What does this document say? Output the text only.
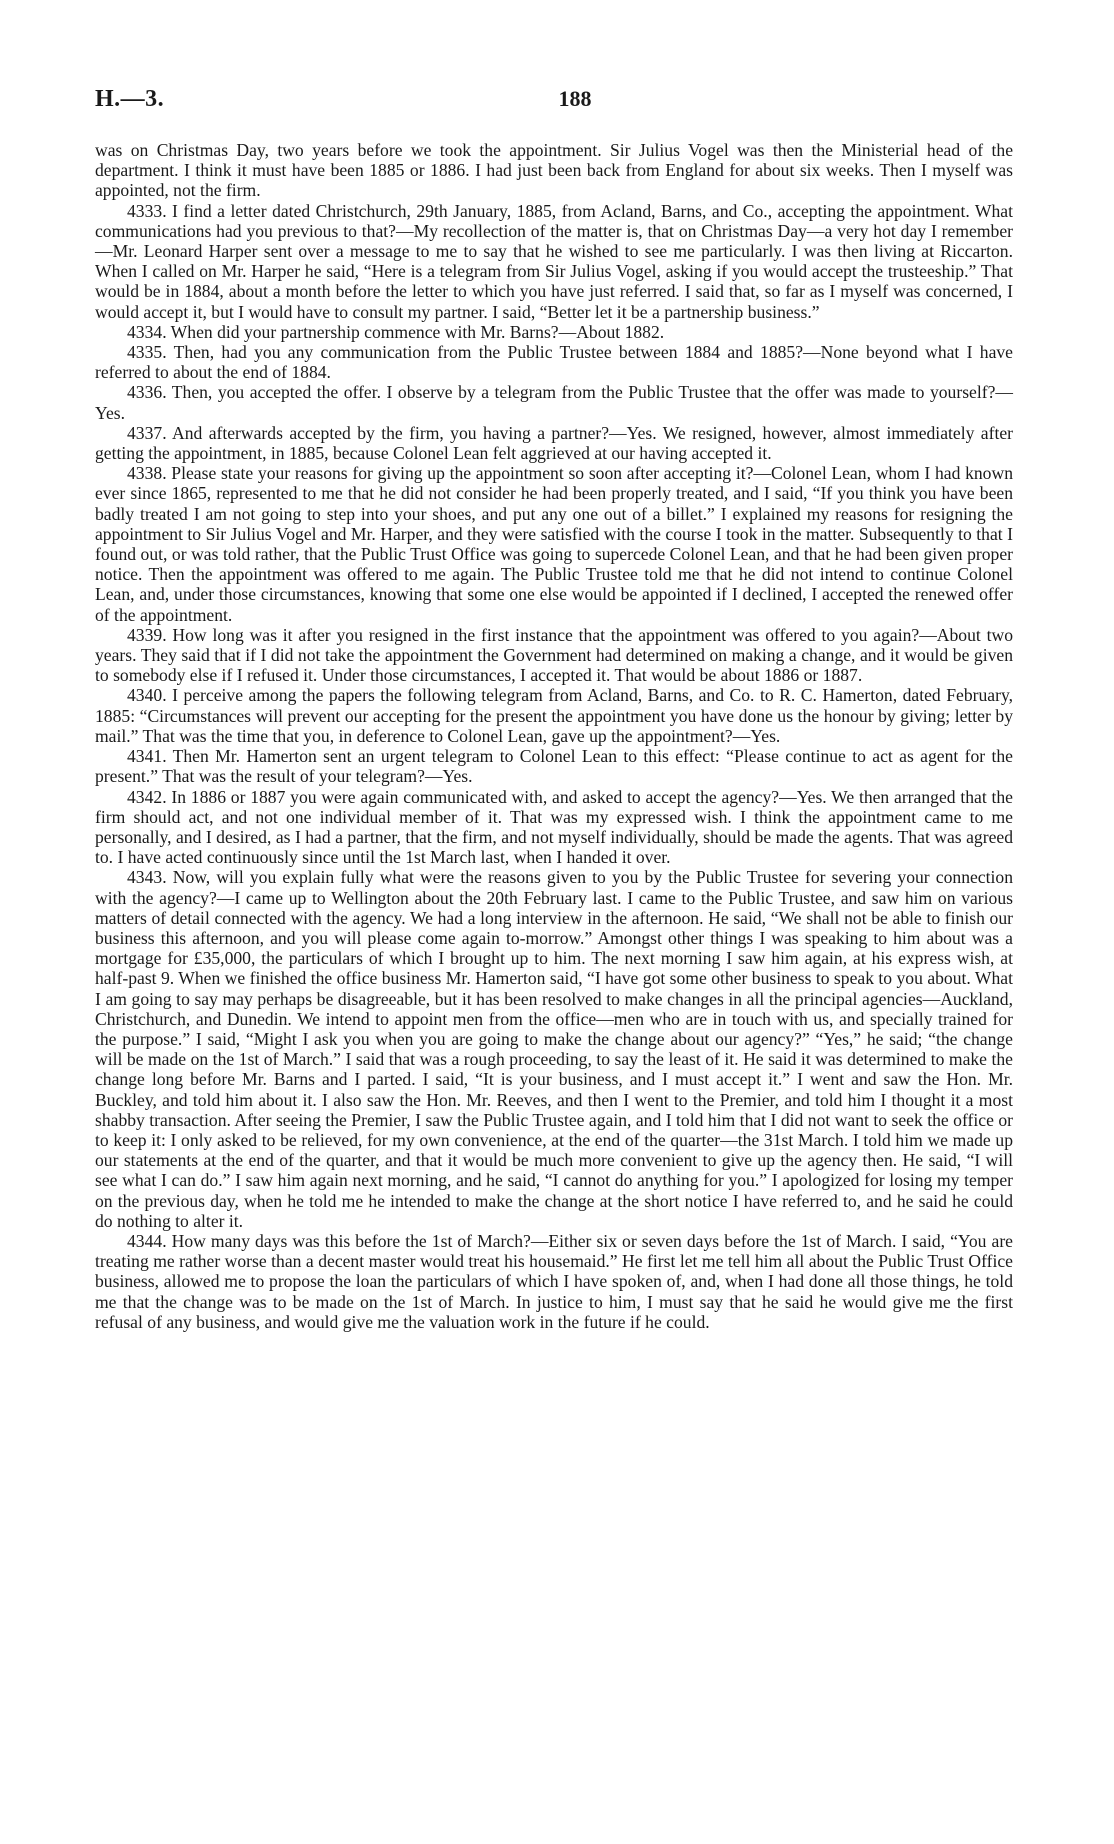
H.—3.	188

was on Christmas Day, two years before we took the appointment. Sir Julius Vogel was then the Ministerial head of the department. I think it must have been 1885 or 1886. I had just been back from England for about six weeks. Then I myself was appointed, not the firm.

4333. I find a letter dated Christchurch, 29th January, 1885, from Acland, Barns, and Co., accepting the appointment. What communications had you previous to that?—My recollection of the matter is, that on Christmas Day—a very hot day I remember—Mr. Leonard Harper sent over a message to me to say that he wished to see me particularly. I was then living at Riccarton. When I called on Mr. Harper he said, “Here is a telegram from Sir Julius Vogel, asking if you would accept the trusteeship.” That would be in 1884, about a month before the letter to which you have just referred. I said that, so far as I myself was concerned, I would accept it, but I would have to consult my partner. I said, “Better let it be a partnership business.”

4334. When did your partnership commence with Mr. Barns?—About 1882.

4335. Then, had you any communication from the Public Trustee between 1884 and 1885?—None beyond what I have referred to about the end of 1884.

4336. Then, you accepted the offer. I observe by a telegram from the Public Trustee that the offer was made to yourself?—Yes.

4337. And afterwards accepted by the firm, you having a partner?—Yes. We resigned, however, almost immediately after getting the appointment, in 1885, because Colonel Lean felt aggrieved at our having accepted it.

4338. Please state your reasons for giving up the appointment so soon after accepting it?—Colonel Lean, whom I had known ever since 1865, represented to me that he did not consider he had been properly treated, and I said, “If you think you have been badly treated I am not going to step into your shoes, and put any one out of a billet.” I explained my reasons for resigning the appointment to Sir Julius Vogel and Mr. Harper, and they were satisfied with the course I took in the matter. Subsequently to that I found out, or was told rather, that the Public Trust Office was going to supercede Colonel Lean, and that he had been given proper notice. Then the appointment was offered to me again. The Public Trustee told me that he did not intend to continue Colonel Lean, and, under those circumstances, knowing that some one else would be appointed if I declined, I accepted the renewed offer of the appointment.

4339. How long was it after you resigned in the first instance that the appointment was offered to you again?—About two years. They said that if I did not take the appointment the Government had determined on making a change, and it would be given to somebody else if I refused it. Under those circumstances, I accepted it. That would be about 1886 or 1887.

4340. I perceive among the papers the following telegram from Acland, Barns, and Co. to R. C. Hamerton, dated February, 1885: “Circumstances will prevent our accepting for the present the appointment you have done us the honour by giving; letter by mail.” That was the time that you, in deference to Colonel Lean, gave up the appointment?—Yes.

4341. Then Mr. Hamerton sent an urgent telegram to Colonel Lean to this effect: “Please continue to act as agent for the present.” That was the result of your telegram?—Yes.

4342. In 1886 or 1887 you were again communicated with, and asked to accept the agency?—Yes. We then arranged that the firm should act, and not one individual member of it. That was my expressed wish. I think the appointment came to me personally, and I desired, as I had a partner, that the firm, and not myself individually, should be made the agents. That was agreed to. I have acted continuously since until the 1st March last, when I handed it over.

4343. Now, will you explain fully what were the reasons given to you by the Public Trustee for severing your connection with the agency?—I came up to Wellington about the 20th February last. I came to the Public Trustee, and saw him on various matters of detail connected with the agency. We had a long interview in the afternoon. He said, “We shall not be able to finish our business this afternoon, and you will please come again to-morrow.” Amongst other things I was speaking to him about was a mortgage for £35,000, the particulars of which I brought up to him. The next morning I saw him again, at his express wish, at half-past 9. When we finished the office business Mr. Hamerton said, “I have got some other business to speak to you about. What I am going to say may perhaps be disagreeable, but it has been resolved to make changes in all the principal agencies—Auckland, Christchurch, and Dunedin. We intend to appoint men from the office—men who are in touch with us, and specially trained for the purpose.” I said, “Might I ask you when you are going to make the change about our agency?” “Yes,” he said; “the change will be made on the 1st of March.” I said that was a rough proceeding, to say the least of it. He said it was determined to make the change long before Mr. Barns and I parted. I said, “It is your business, and I must accept it.” I went and saw the Hon. Mr. Buckley, and told him about it. I also saw the Hon. Mr. Reeves, and then I went to the Premier, and told him I thought it a most shabby transaction. After seeing the Premier, I saw the Public Trustee again, and I told him that I did not want to seek the office or to keep it: I only asked to be relieved, for my own convenience, at the end of the quarter—the 31st March. I told him we made up our statements at the end of the quarter, and that it would be much more convenient to give up the agency then. He said, “I will see what I can do.” I saw him again next morning, and he said, “I cannot do anything for you.” I apologized for losing my temper on the previous day, when he told me he intended to make the change at the short notice I have referred to, and he said he could do nothing to alter it.

4344. How many days was this before the 1st of March?—Either six or seven days before the 1st of March. I said, “You are treating me rather worse than a decent master would treat his housemaid.” He first let me tell him all about the Public Trust Office business, allowed me to propose the loan the particulars of which I have spoken of, and, when I had done all those things, he told me that the change was to be made on the 1st of March. In justice to him, I must say that he said he would give me the first refusal of any business, and would give me the valuation work in the future if he could.
